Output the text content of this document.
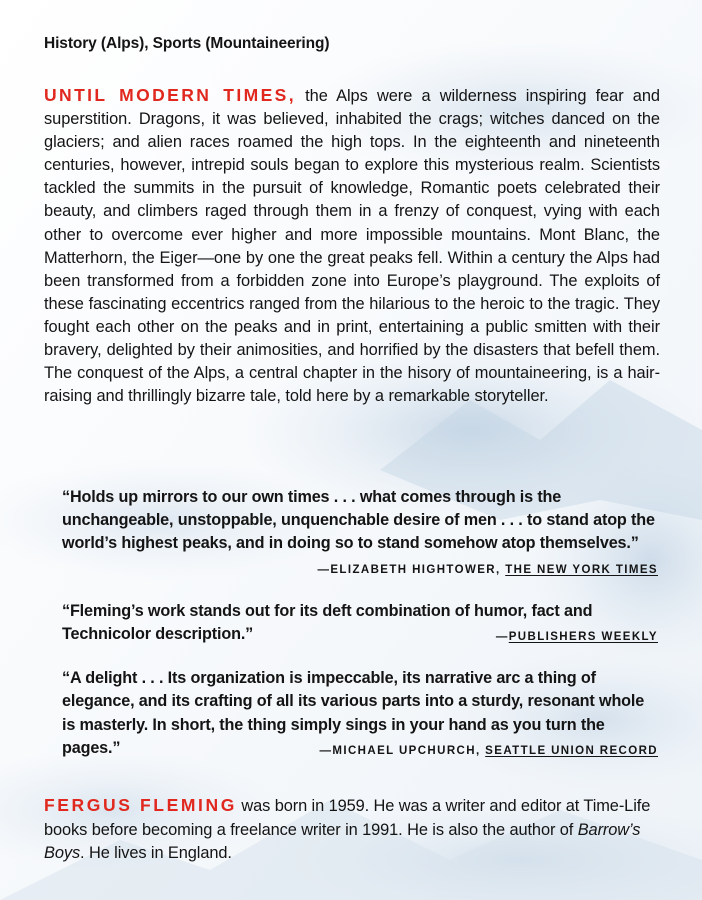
History (Alps), Sports (Mountaineering)
UNTIL MODERN TIMES, the Alps were a wilderness inspiring fear and superstition. Dragons, it was believed, inhabited the crags; witches danced on the glaciers; and alien races roamed the high tops. In the eighteenth and nineteenth centuries, however, intrepid souls began to explore this mysterious realm. Scientists tackled the summits in the pursuit of knowledge, Romantic poets celebrated their beauty, and climbers raged through them in a frenzy of conquest, vying with each other to overcome ever higher and more impossible mountains. Mont Blanc, the Matterhorn, the Eiger—one by one the great peaks fell. Within a century the Alps had been transformed from a forbidden zone into Europe’s playground. The exploits of these fascinating eccentrics ranged from the hilarious to the heroic to the tragic. They fought each other on the peaks and in print, entertaining a public smitten with their bravery, delighted by their animosities, and horrified by the disasters that befell them. The conquest of the Alps, a central chapter in the hisory of mountaineering, is a hair-raising and thrillingly bizarre tale, told here by a remarkable storyteller.
“Holds up mirrors to our own times . . . what comes through is the unchangeable, unstoppable, unquenchable desire of men . . . to stand atop the world’s highest peaks, and in doing so to stand somehow atop themselves.”
—ELIZABETH HIGHTOWER, THE NEW YORK TIMES
“Fleming’s work stands out for its deft combination of humor, fact and Technicolor description.”	—PUBLISHERS WEEKLY
“A delight . . . Its organization is impeccable, its narrative arc a thing of elegance, and its crafting of all its various parts into a sturdy, resonant whole is masterly. In short, the thing simply sings in your hand as you turn the pages.”	—MICHAEL UPCHURCH, SEATTLE UNION RECORD
FERGUS FLEMING was born in 1959. He was a writer and editor at Time-Life books before becoming a freelance writer in 1991. He is also the author of Barrow’s Boys. He lives in England.
